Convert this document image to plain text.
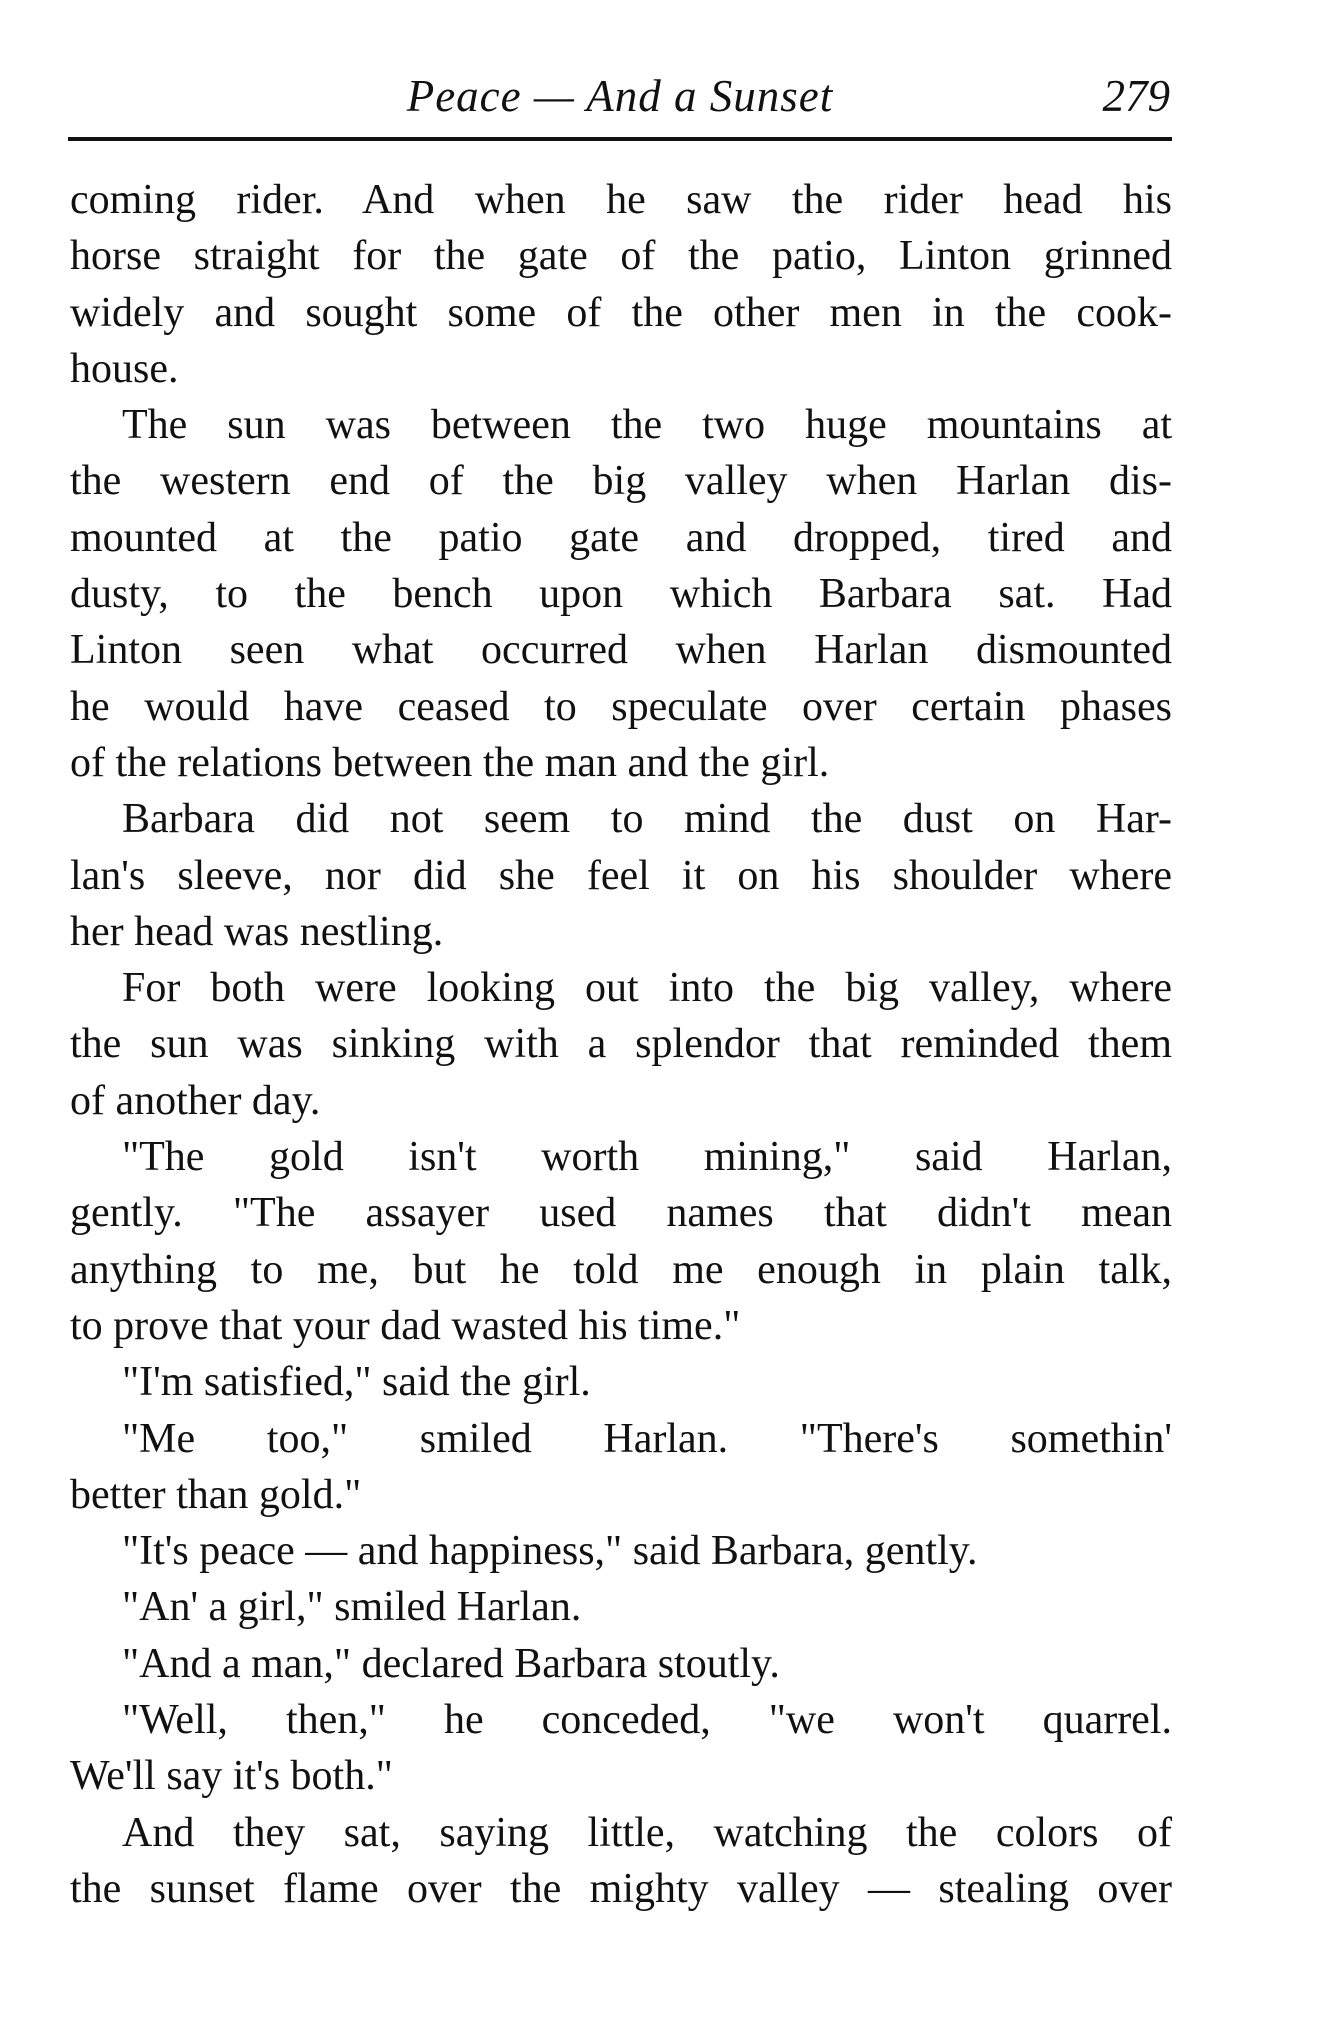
Peace — And a Sunset	279
coming rider. And when he saw the rider head his
horse straight for the gate of the patio, Linton grinned
widely and sought some of the other men in the cook-
house.
The sun was between the two huge mountains at
the western end of the big valley when Harlan dis-
mounted at the patio gate and dropped, tired and
dusty, to the bench upon which Barbara sat. Had
Linton seen what occurred when Harlan dismounted
he would have ceased to speculate over certain phases
of the relations between the man and the girl.
Barbara did not seem to mind the dust on Har-
lan's sleeve, nor did she feel it on his shoulder where
her head was nestling.
For both were looking out into the big valley, where
the sun was sinking with a splendor that reminded them
of another day.
"The gold isn't worth mining," said Harlan,
gently. "The assayer used names that didn't mean
anything to me, but he told me enough in plain talk,
to prove that your dad wasted his time."
"I'm satisfied," said the girl.
"Me too," smiled Harlan. "There's somethin'
better than gold."
"It's peace — and happiness," said Barbara, gently.
"An' a girl," smiled Harlan.
"And a man," declared Barbara stoutly.
"Well, then," he conceded, "we won't quarrel.
We'll say it's both."
And they sat, saying little, watching the colors of
the sunset flame over the mighty valley — stealing over
